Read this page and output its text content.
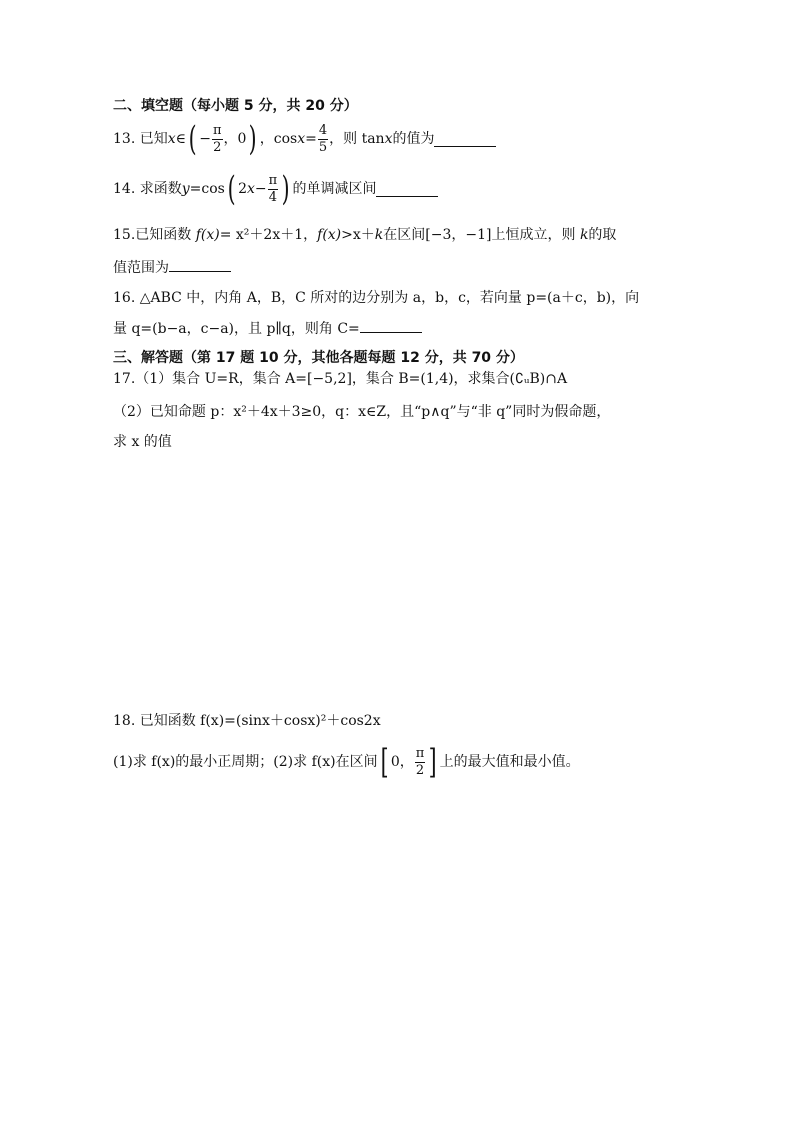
二、填空题（每小题 5 分，共 20 分）
13. 已知 x ∈ ( − $\frac{\pi}{2}$ ，0 ) ，$\cos x = \frac{4}{5}$ ，则 tan x 的值为
14. 求函数 y =cos ( 2 $x - \frac{\pi}{4}$ ) 的单调减区间
15.已知函数 f(x)= x²＋2x＋1，f(x)>x＋k在区间[−3，−1]上恒成立，则 k的取
值范围为
16. △ABC 中，内角 A，B，C 所对的边分别为 a，b，c，若向量 p=(a＋c，b)，向
量 q=(b−a，c−a)，且 p∥q，则角 C=
三、解答题（第 17 题 10 分，其他各题每题 12 分，共 70 分）
17.（1）集合 U=R，集合 A=[−5,2]，集合 B=(1,4)，求集合(∁ᵤB)∩A
（2）已知命题 p：x²＋4x＋3≥0，q：x∈Z，且“p∧q”与“非 q”同时为假命题，
求 x 的值
18. 已知函数 f(x)=(sinx＋cosx)²＋cos2x
(1)求 f(x)的最小正周期；(2)求 f(x)在区间 [ 0， $\frac{\pi}{2}$ ] 上的最大值和最小值。
